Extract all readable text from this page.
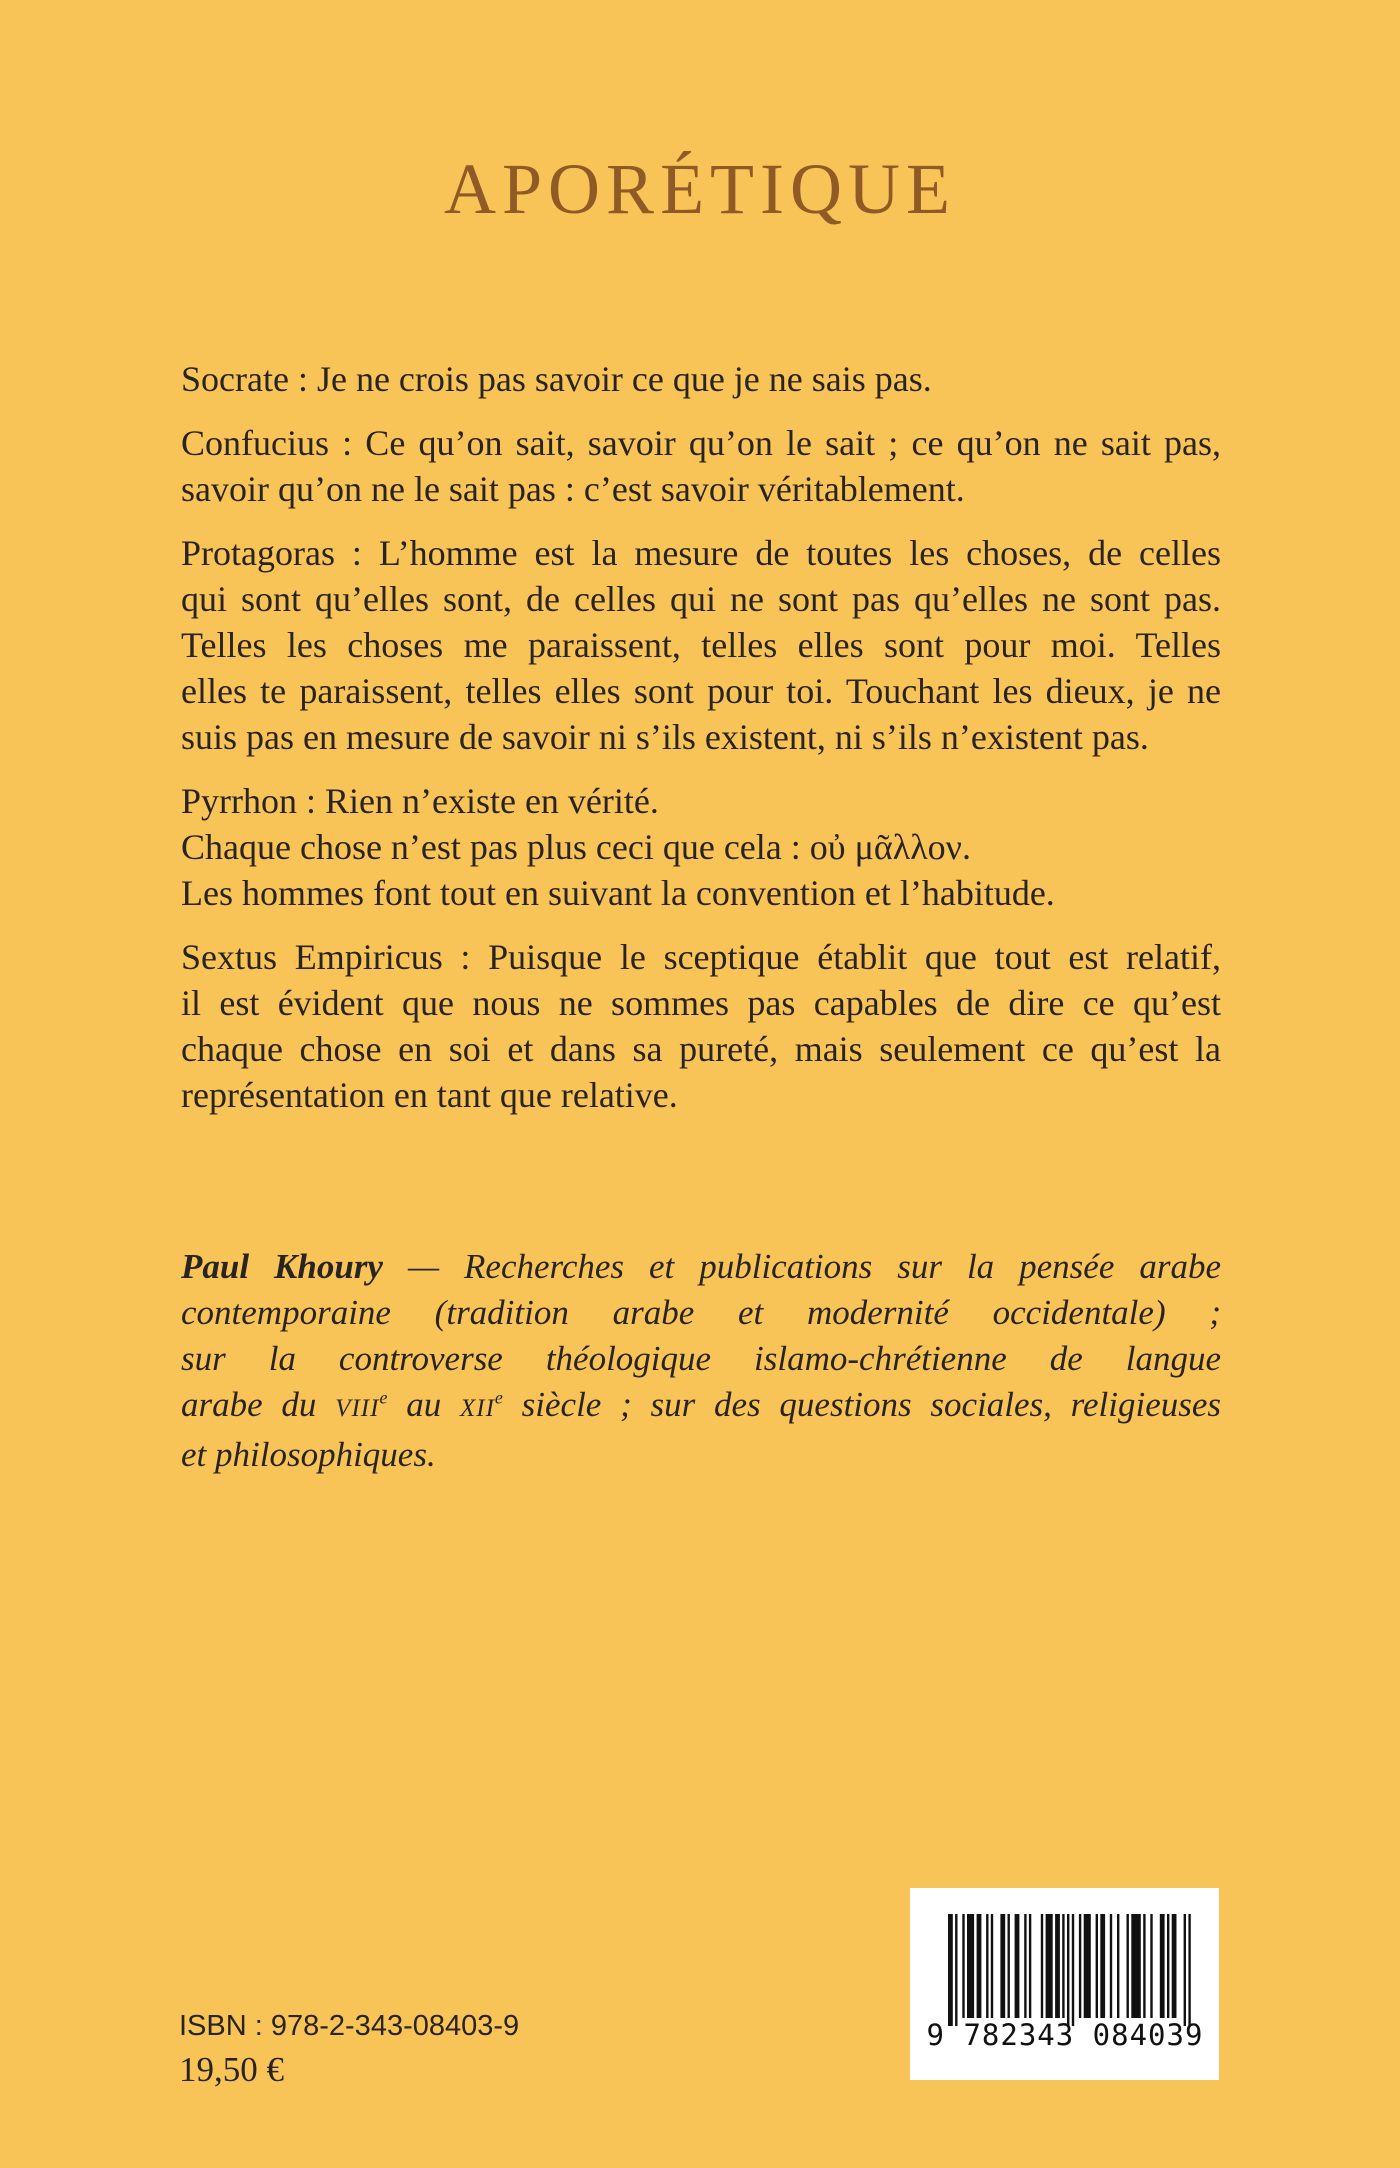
APORÉTIQUE

Socrate : Je ne crois pas savoir ce que je ne sais pas.

Confucius : Ce qu’on sait, savoir qu’on le sait ; ce qu’on ne sait pas,
savoir qu’on ne le sait pas : c’est savoir véritablement.

Protagoras : L’homme est la mesure de toutes les choses, de celles
qui sont qu’elles sont, de celles qui ne sont pas qu’elles ne sont pas.
Telles les choses me paraissent, telles elles sont pour moi. Telles
elles te paraissent, telles elles sont pour toi. Touchant les dieux, je ne
suis pas en mesure de savoir ni s’ils existent, ni s’ils n’existent pas.

Pyrrhon : Rien n’existe en vérité.
Chaque chose n’est pas plus ceci que cela : οὐ μᾶλλον.
Les hommes font tout en suivant la convention et l’habitude.

Sextus Empiricus : Puisque le sceptique établit que tout est relatif,
il est évident que nous ne sommes pas capables de dire ce qu’est
chaque chose en soi et dans sa pureté, mais seulement ce qu’est la
représentation en tant que relative.

Paul Khoury — Recherches et publications sur la pensée arabe
contemporaine (tradition arabe et modernité occidentale) ;
sur la controverse théologique islamo-chrétienne de langue
arabe du VIIIe au XIIe siècle ; sur des questions sociales, religieuses
et philosophiques.
ISBN : 978-2-343-08403-9
19,50 €
9 782343 084039
